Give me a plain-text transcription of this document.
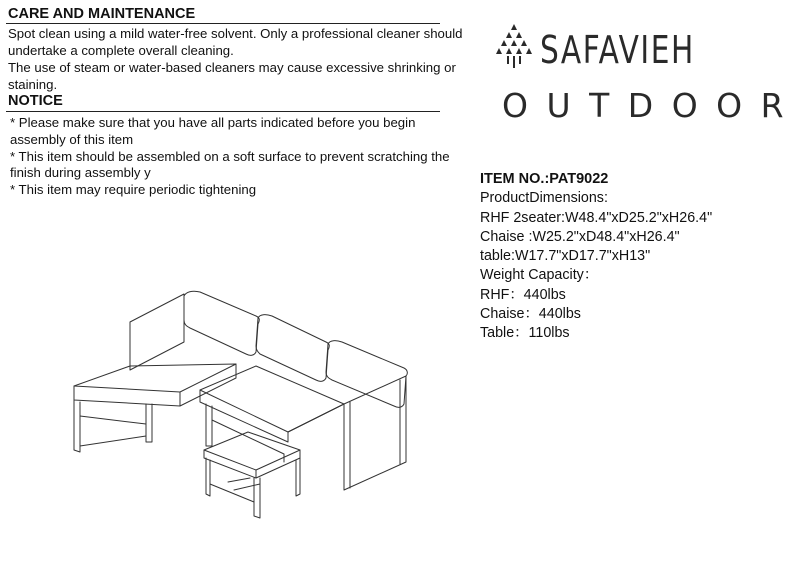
CARE AND MAINTENANCE

Spot clean using a mild water-free solvent. Only a professional cleaner should undertake a complete overall cleaning.

The use of steam or water-based cleaners may cause excessive shrinking or staining.

NOTICE

* Please make sure that you have all parts indicated before you begin assembly of this item

* This item should be assembled on a soft surface to prevent scratching the finish during assembly y

* This item may require periodic tightening

SAFAVIEH
OUTDOOR
ITEM NO.:PAT9022
ProductDimensions:
RHF 2seater:W48.4"xD25.2"xH26.4"
Chaise :W25.2"xD48.4"xH26.4"
table:W17.7"xD17.7"xH13"
Weight Capacity：
RHF：440lbs
Chaise：440lbs
Table：110lbs
